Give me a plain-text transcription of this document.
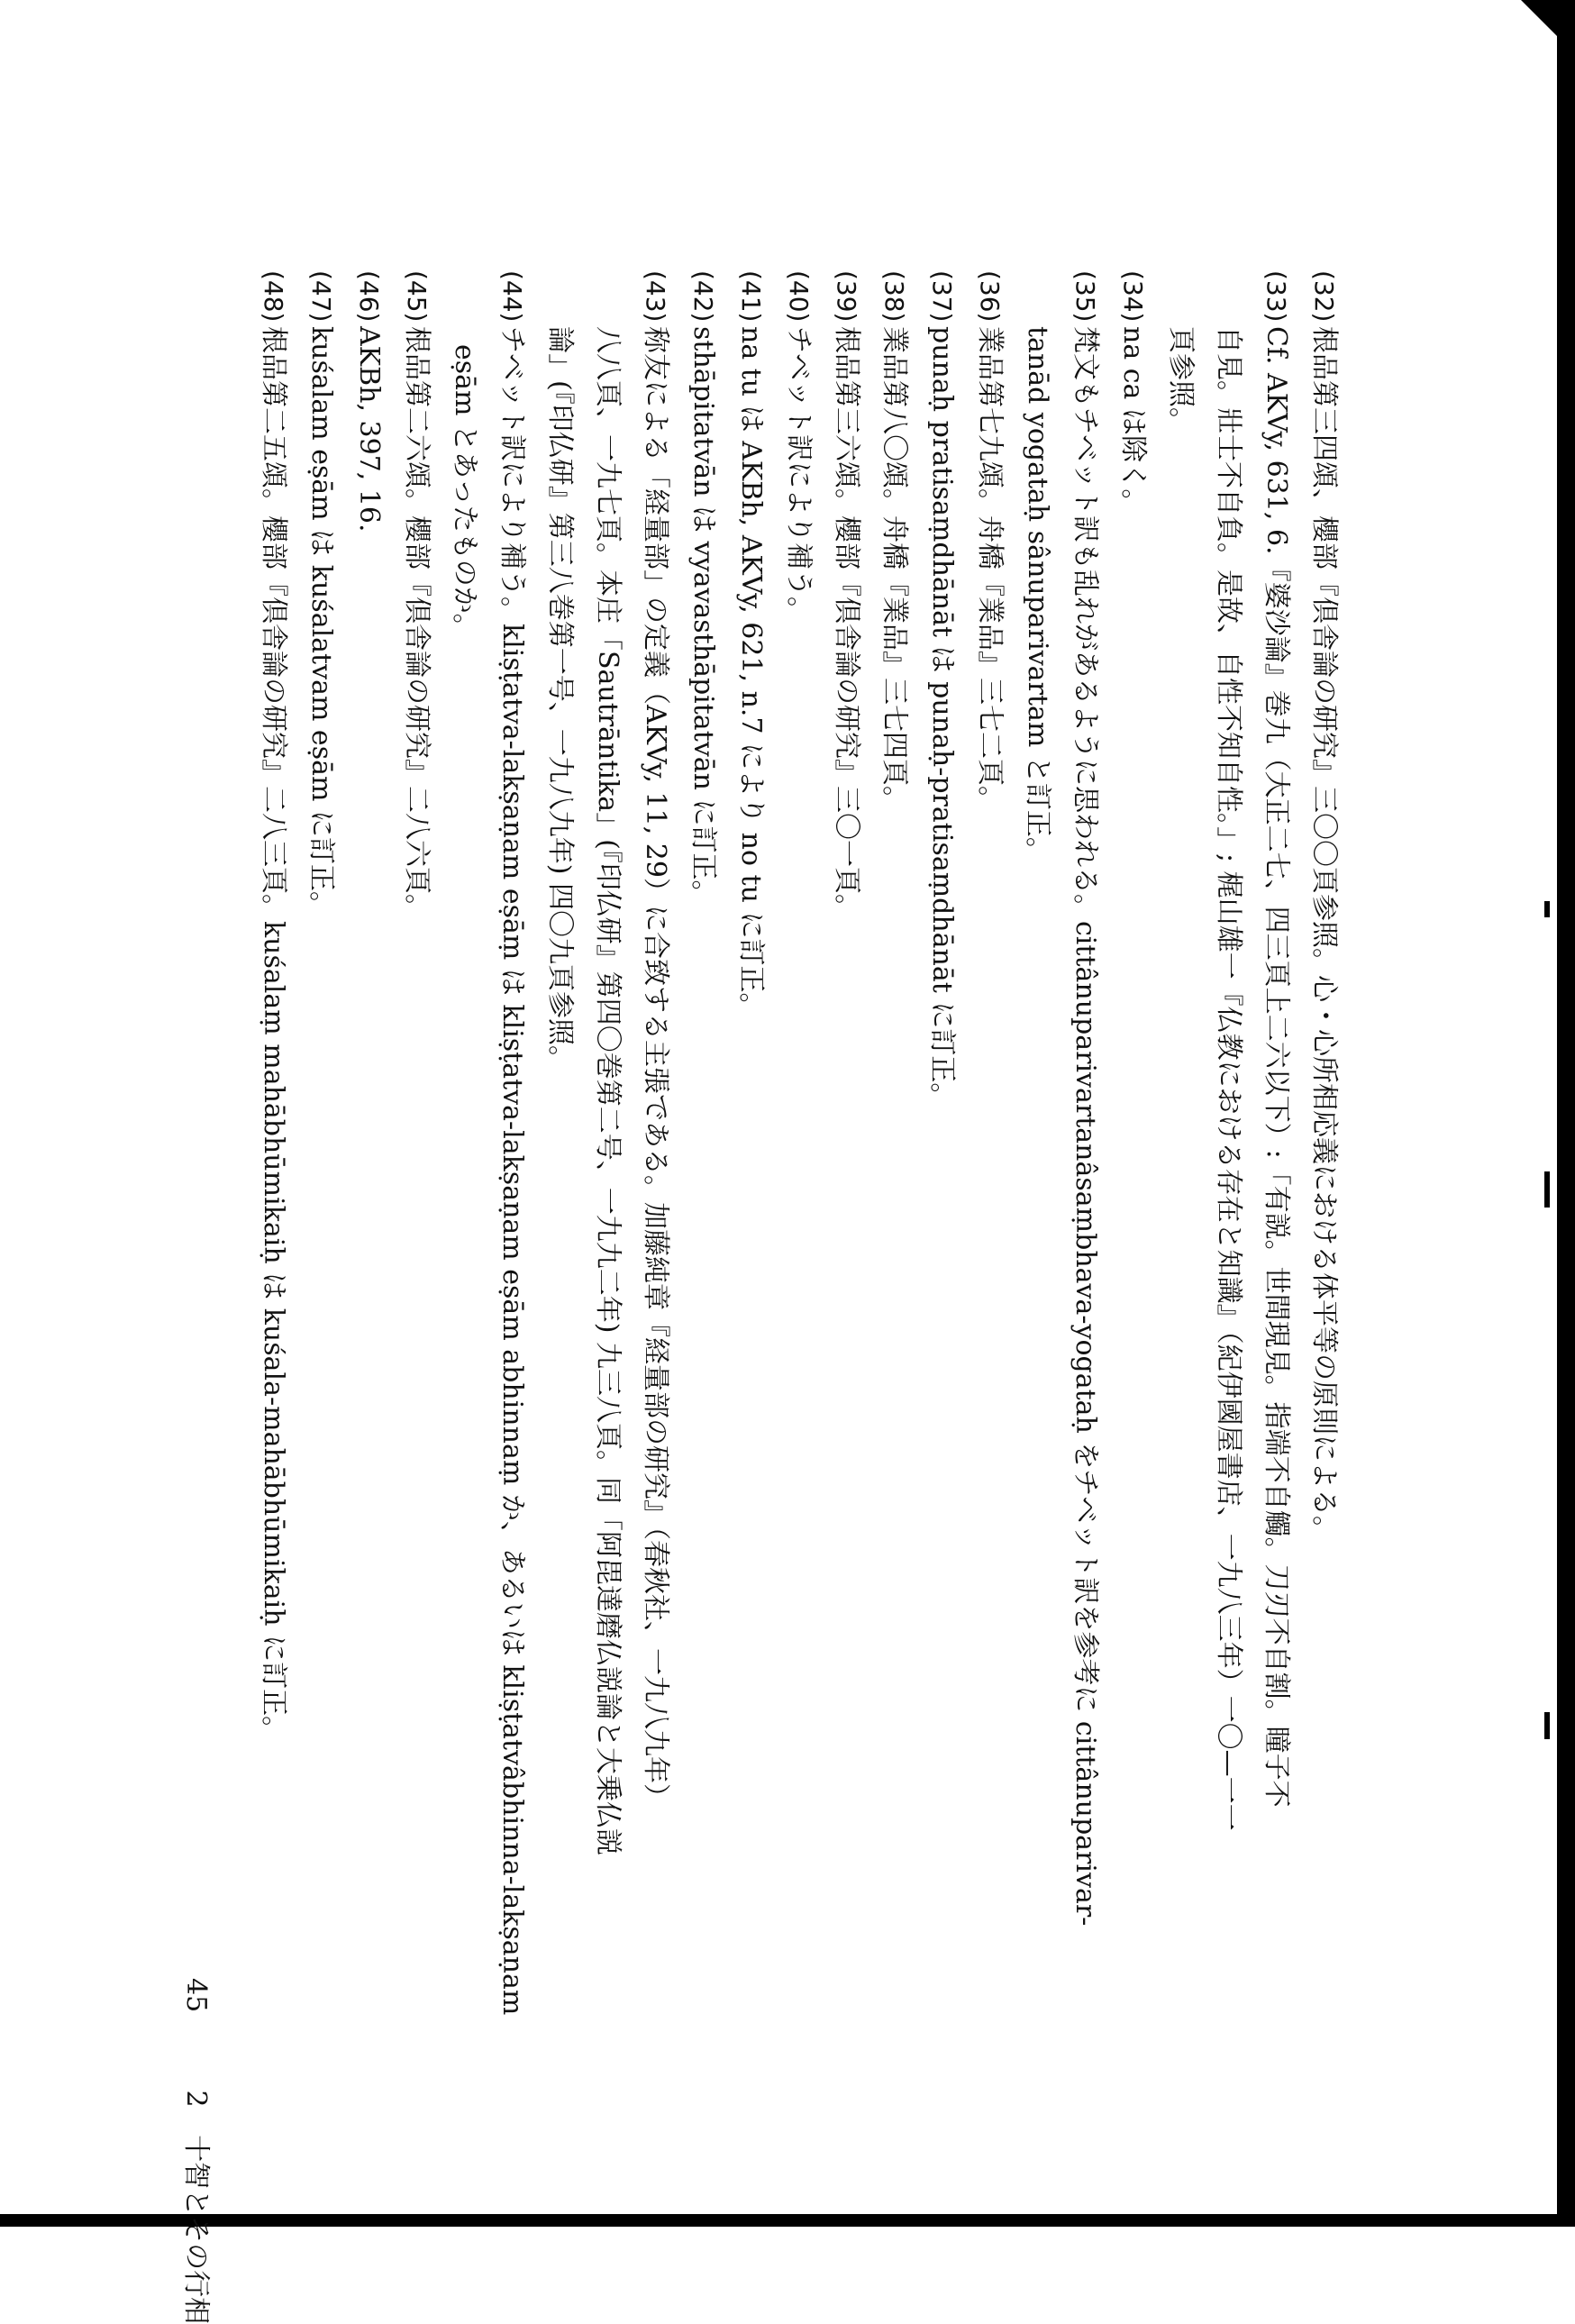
(32)根品第三四頌、櫻部『倶舎論の研究』三〇〇頁参照。心・心所相応義における体平等の原則による。
(33)Cf. AKVy, 631, 6.『婆沙論』巻九（大正二七、四三頁上二六以下）:「有説。世間現見。指端不自觸。刀刃不自割。瞳子不
自見。壯士不自負。是故、自性不知自性。」; 梶山雄一『仏教における存在と知識』（紀伊國屋書店、一九八三年）一〇—一一
頁参照。
(34)na ca は除く。
(35)梵文もチベット訳も乱れがあるように思われる。cittânuparivartanâsaṃbhava-yogataḥ をチベット訳を参考に cittânuparivar-
tanād yogataḥ sânuparivartam と訂正。
(36)業品第七九頌。舟橋『業品』三七二頁。
(37)punaḥ pratisaṃdhānāt は punaḥ-pratisaṃdhānāt に訂正。
(38)業品第八〇頌。舟橋『業品』三七四頁。
(39)根品第三六頌。櫻部『倶舎論の研究』三〇一頁。
(40)チベット訳により補う。
(41)na tu は AKBh, AKVy, 621, n.7 により no tu に訂正。
(42)sthāpitatvān は vyavasthāpitatvān に訂正。
(43)称友による「経量部」の定義（AKVy, 11, 29）に合致する主張である。加藤純章『経量部の研究』（春秋社、一九八九年）
八八頁、一九七頁。本庄「Sautrāntika」(『印仏研』第四〇巻第二号、一九九二年) 九三八頁。同「阿毘達磨仏説論と大乗仏説
論」(『印仏研』第三八巻第一号、一九八九年) 四〇九頁参照。
(44)チベット訳により補う。kliṣṭatva-lakṣaṇam eṣāṃ は kliṣṭatva-lakṣaṇam eṣām abhinnaṃ か、あるいは kliṣṭatvâbhinna-lakṣaṇam
eṣām とあったものか。
(45)根品第二六頌。櫻部『倶舎論の研究』二八六頁。
(46)AKBh, 397, 16.
(47)kuśalam eṣām は kuśalatvam eṣām に訂正。
(48)根品第二五頌。櫻部『倶舎論の研究』二八三頁。kuśalaṃ mahābhūmikaiḥ は kuśala-mahābhūmikaiḥ に訂正。
45 2 十智とその行相
